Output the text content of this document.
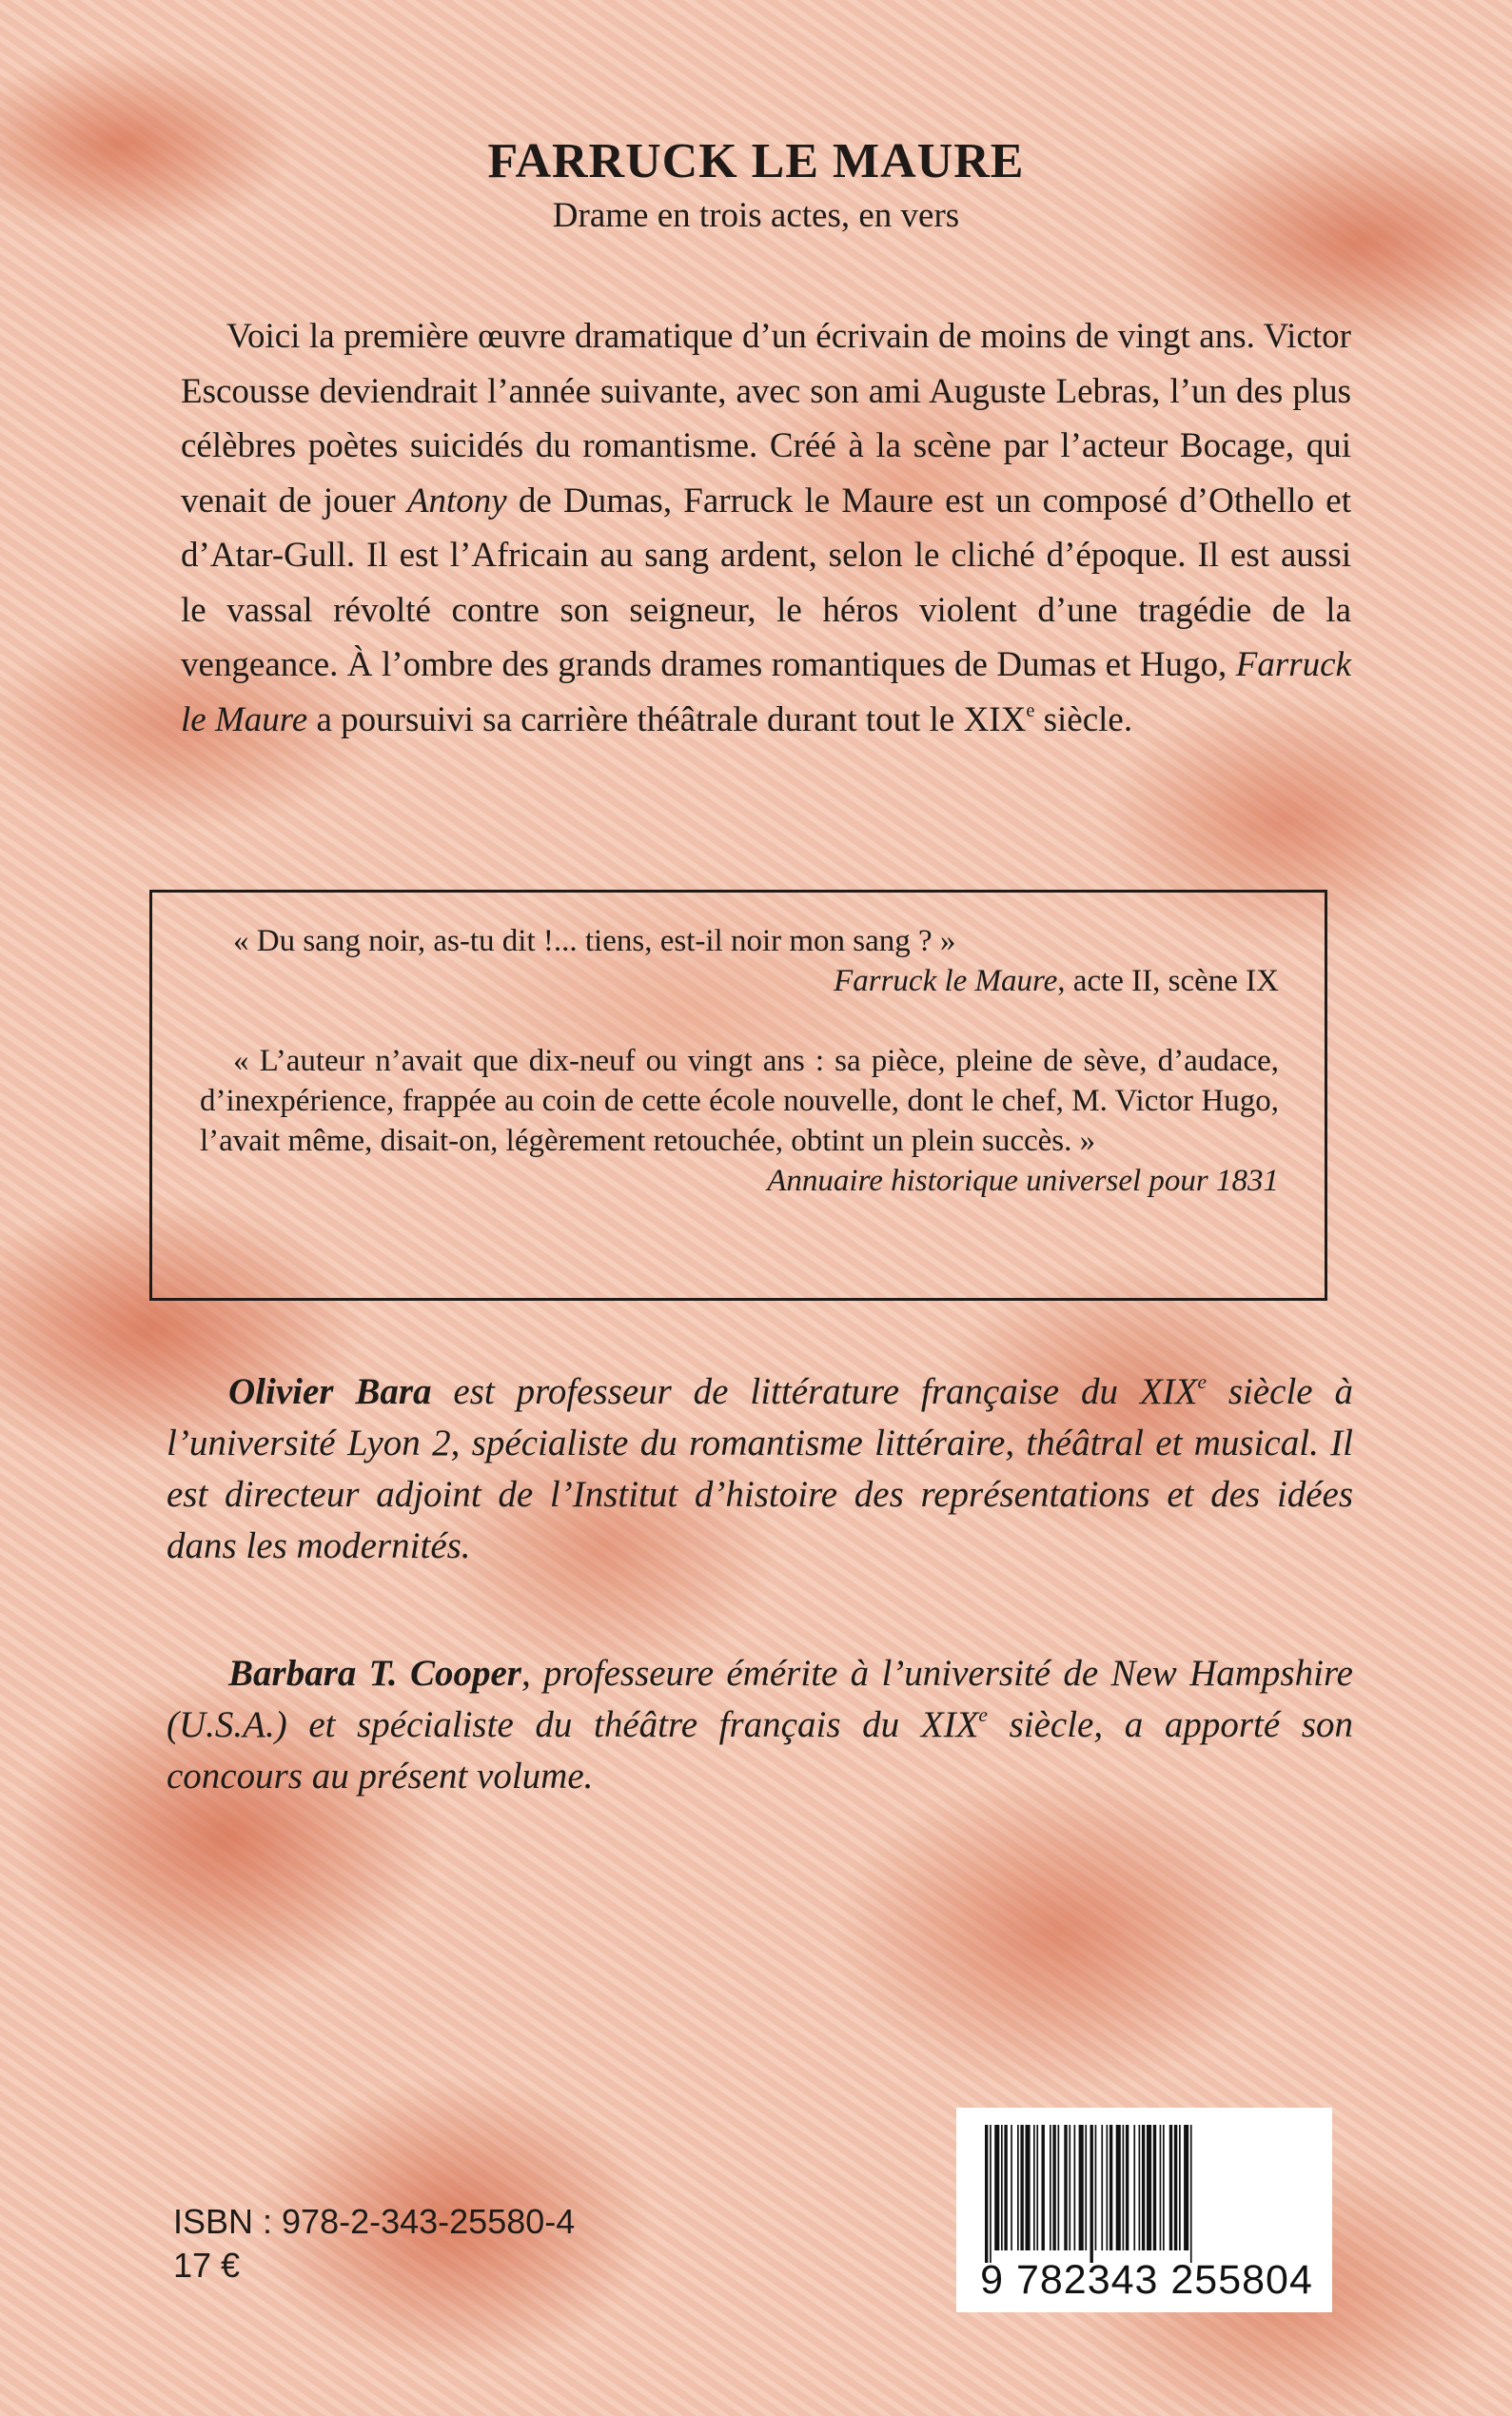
FARRUCK LE MAURE
Drame en trois actes, en vers

Voici la première œuvre dramatique d’un écrivain de moins de vingt ans. Victor Escousse deviendrait l’année suivante, avec son ami Auguste Lebras, l’un des plus célèbres poètes suicidés du romantisme. Créé à la scène par l’acteur Bocage, qui venait de jouer Antony de Dumas, Farruck le Maure est un composé d’Othello et d’Atar-Gull. Il est l’Africain au sang ardent, selon le cliché d’époque. Il est aussi le vassal révolté contre son seigneur, le héros violent d’une tragédie de la vengeance. À l’ombre des grands drames romantiques de Dumas et Hugo, Farruck le Maure a poursuivi sa carrière théâtrale durant tout le XIXe siècle.

« Du sang noir, as-tu dit !... tiens, est-il noir mon sang ? »

Farruck le Maure, acte II, scène IX

« L’auteur n’avait que dix-neuf ou vingt ans : sa pièce, pleine de sève, d’audace, d’inexpérience, frappée au coin de cette école nouvelle, dont le chef, M. Victor Hugo, l’avait même, disait-on, légèrement retouchée, obtint un plein succès. »

Annuaire historique universel pour 1831

Olivier Bara est professeur de littérature française du XIXe siècle à l’université Lyon 2, spécialiste du romantisme littéraire, théâtral et musical. Il est directeur adjoint de l’Institut d’histoire des représentations et des idées dans les modernités.

Barbara T. Cooper, professeure émérite à l’université de New Hampshire (U.S.A.) et spécialiste du théâtre français du XIXe siècle, a apporté son concours au présent volume.

ISBN : 978-2-343-25580-4
17 €	9 782343 255804
